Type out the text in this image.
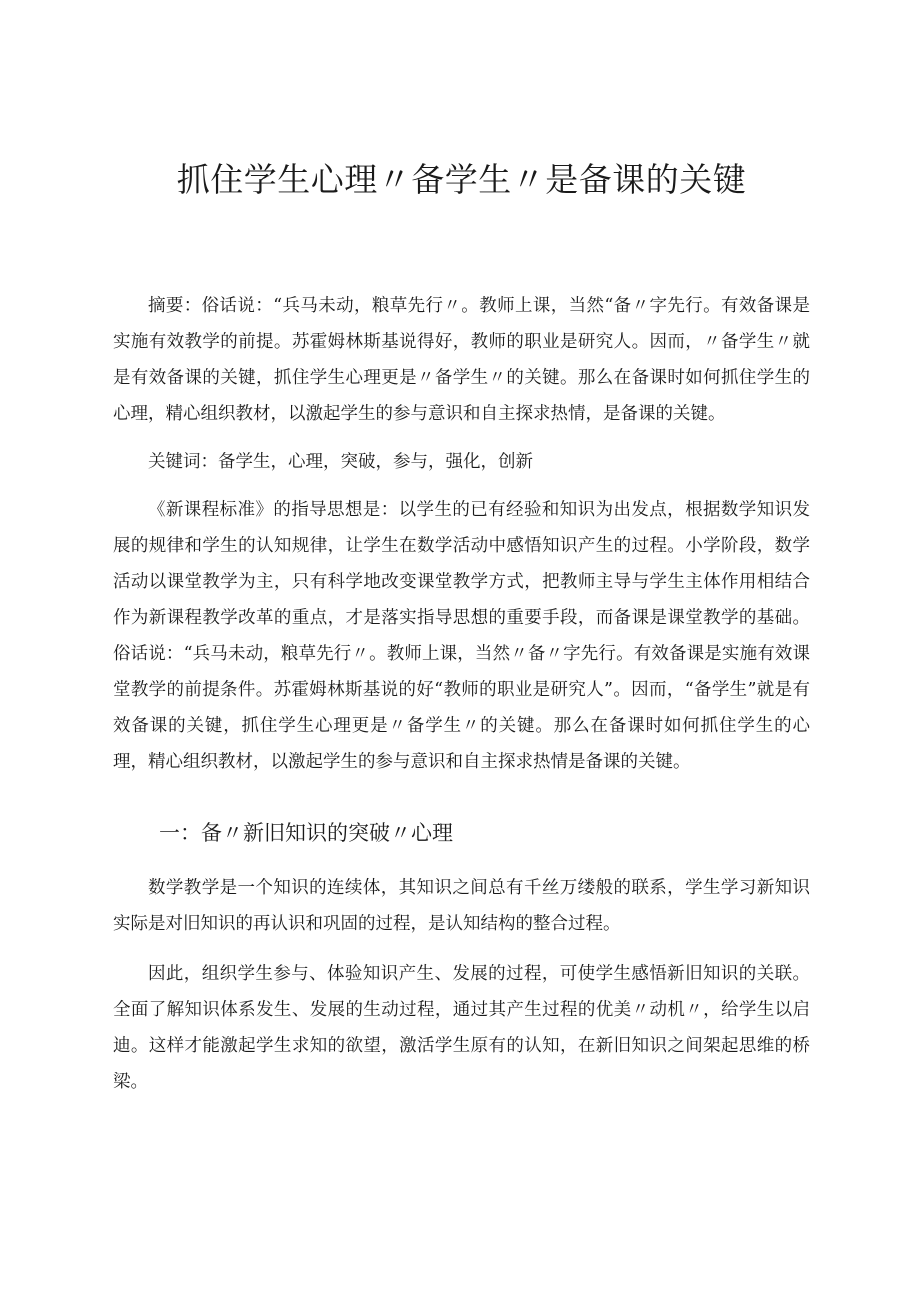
抓住学生心理〃备学生〃是备课的关键

摘要：俗话说：“兵马未动，粮草先行〃。教师上课，当然“备〃字先行。有效备课是实施有效教学的前提。苏霍姆林斯基说得好，教师的职业是研究人。因而，〃备学生〃就是有效备课的关键，抓住学生心理更是〃备学生〃的关键。那么在备课时如何抓住学生的心理，精心组织教材，以激起学生的参与意识和自主探求热情，是备课的关键。

关键词：备学生，心理，突破，参与，强化，创新

《新课程标准》的指导思想是：以学生的已有经验和知识为出发点，根据数学知识发展的规律和学生的认知规律，让学生在数学活动中感悟知识产生的过程。小学阶段，数学活动以课堂教学为主，只有科学地改变课堂教学方式，把教师主导与学生主体作用相结合作为新课程教学改革的重点，才是落实指导思想的重要手段，而备课是课堂教学的基础。俗话说：“兵马未动，粮草先行〃。教师上课，当然〃备〃字先行。有效备课是实施有效课堂教学的前提条件。苏霍姆林斯基说的好“教师的职业是研究人”。因而，“备学生”就是有效备课的关键，抓住学生心理更是〃备学生〃的关键。那么在备课时如何抓住学生的心理，精心组织教材，以激起学生的参与意识和自主探求热情是备课的关键。

一：备〃新旧知识的突破〃心理

数学教学是一个知识的连续体，其知识之间总有千丝万缕般的联系，学生学习新知识实际是对旧知识的再认识和巩固的过程，是认知结构的整合过程。

因此，组织学生参与、体验知识产生、发展的过程，可使学生感悟新旧知识的关联。全面了解知识体系发生、发展的生动过程，通过其产生过程的优美〃动机〃，给学生以启迪。这样才能激起学生求知的欲望，激活学生原有的认知，在新旧知识之间架起思维的桥梁。
